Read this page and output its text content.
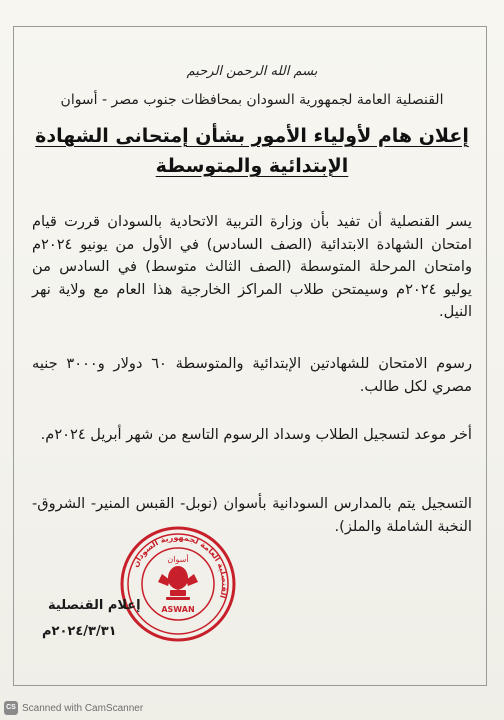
بسم الله الرحمن الرحيم
القنصلية العامة لجمهورية السودان بمحافظات جنوب مصر - أسوان
إعلان هام لأولياء الأمور بشأن إمتحانى الشهادة
الإبتدائية والمتوسطة
يسر القنصلية أن تفيد بأن وزارة التربية الاتحادية بالسودان قررت قيام امتحان الشهادة الابتدائية (الصف السادس) في الأول من يونيو ٢٠٢٤م وامتحان المرحلة المتوسطة (الصف الثالث متوسط) في السادس من يوليو ٢٠٢٤م وسيمتحن طلاب المراكز الخارجية هذا العام مع ولاية نهر النيل.
رسوم الامتحان للشهادتين الإبتدائية والمتوسطة ٦٠ دولار و٣٠٠٠ جنيه مصري لكل طالب.
أخر موعد لتسجيل الطلاب وسداد الرسوم التاسع من شهر أبريل ٢٠٢٤م.
التسجيل يتم بالمدارس السودانية بأسوان (نوبل- القبس المنير- الشروق- النخبة الشاملة والملز).
القنصلية العامة لجمهورية السودان
أسوان
ASWAN
إعلام القنصلية
٢٠٢٤/٣/٣١م
CS Scanned with CamScanner
